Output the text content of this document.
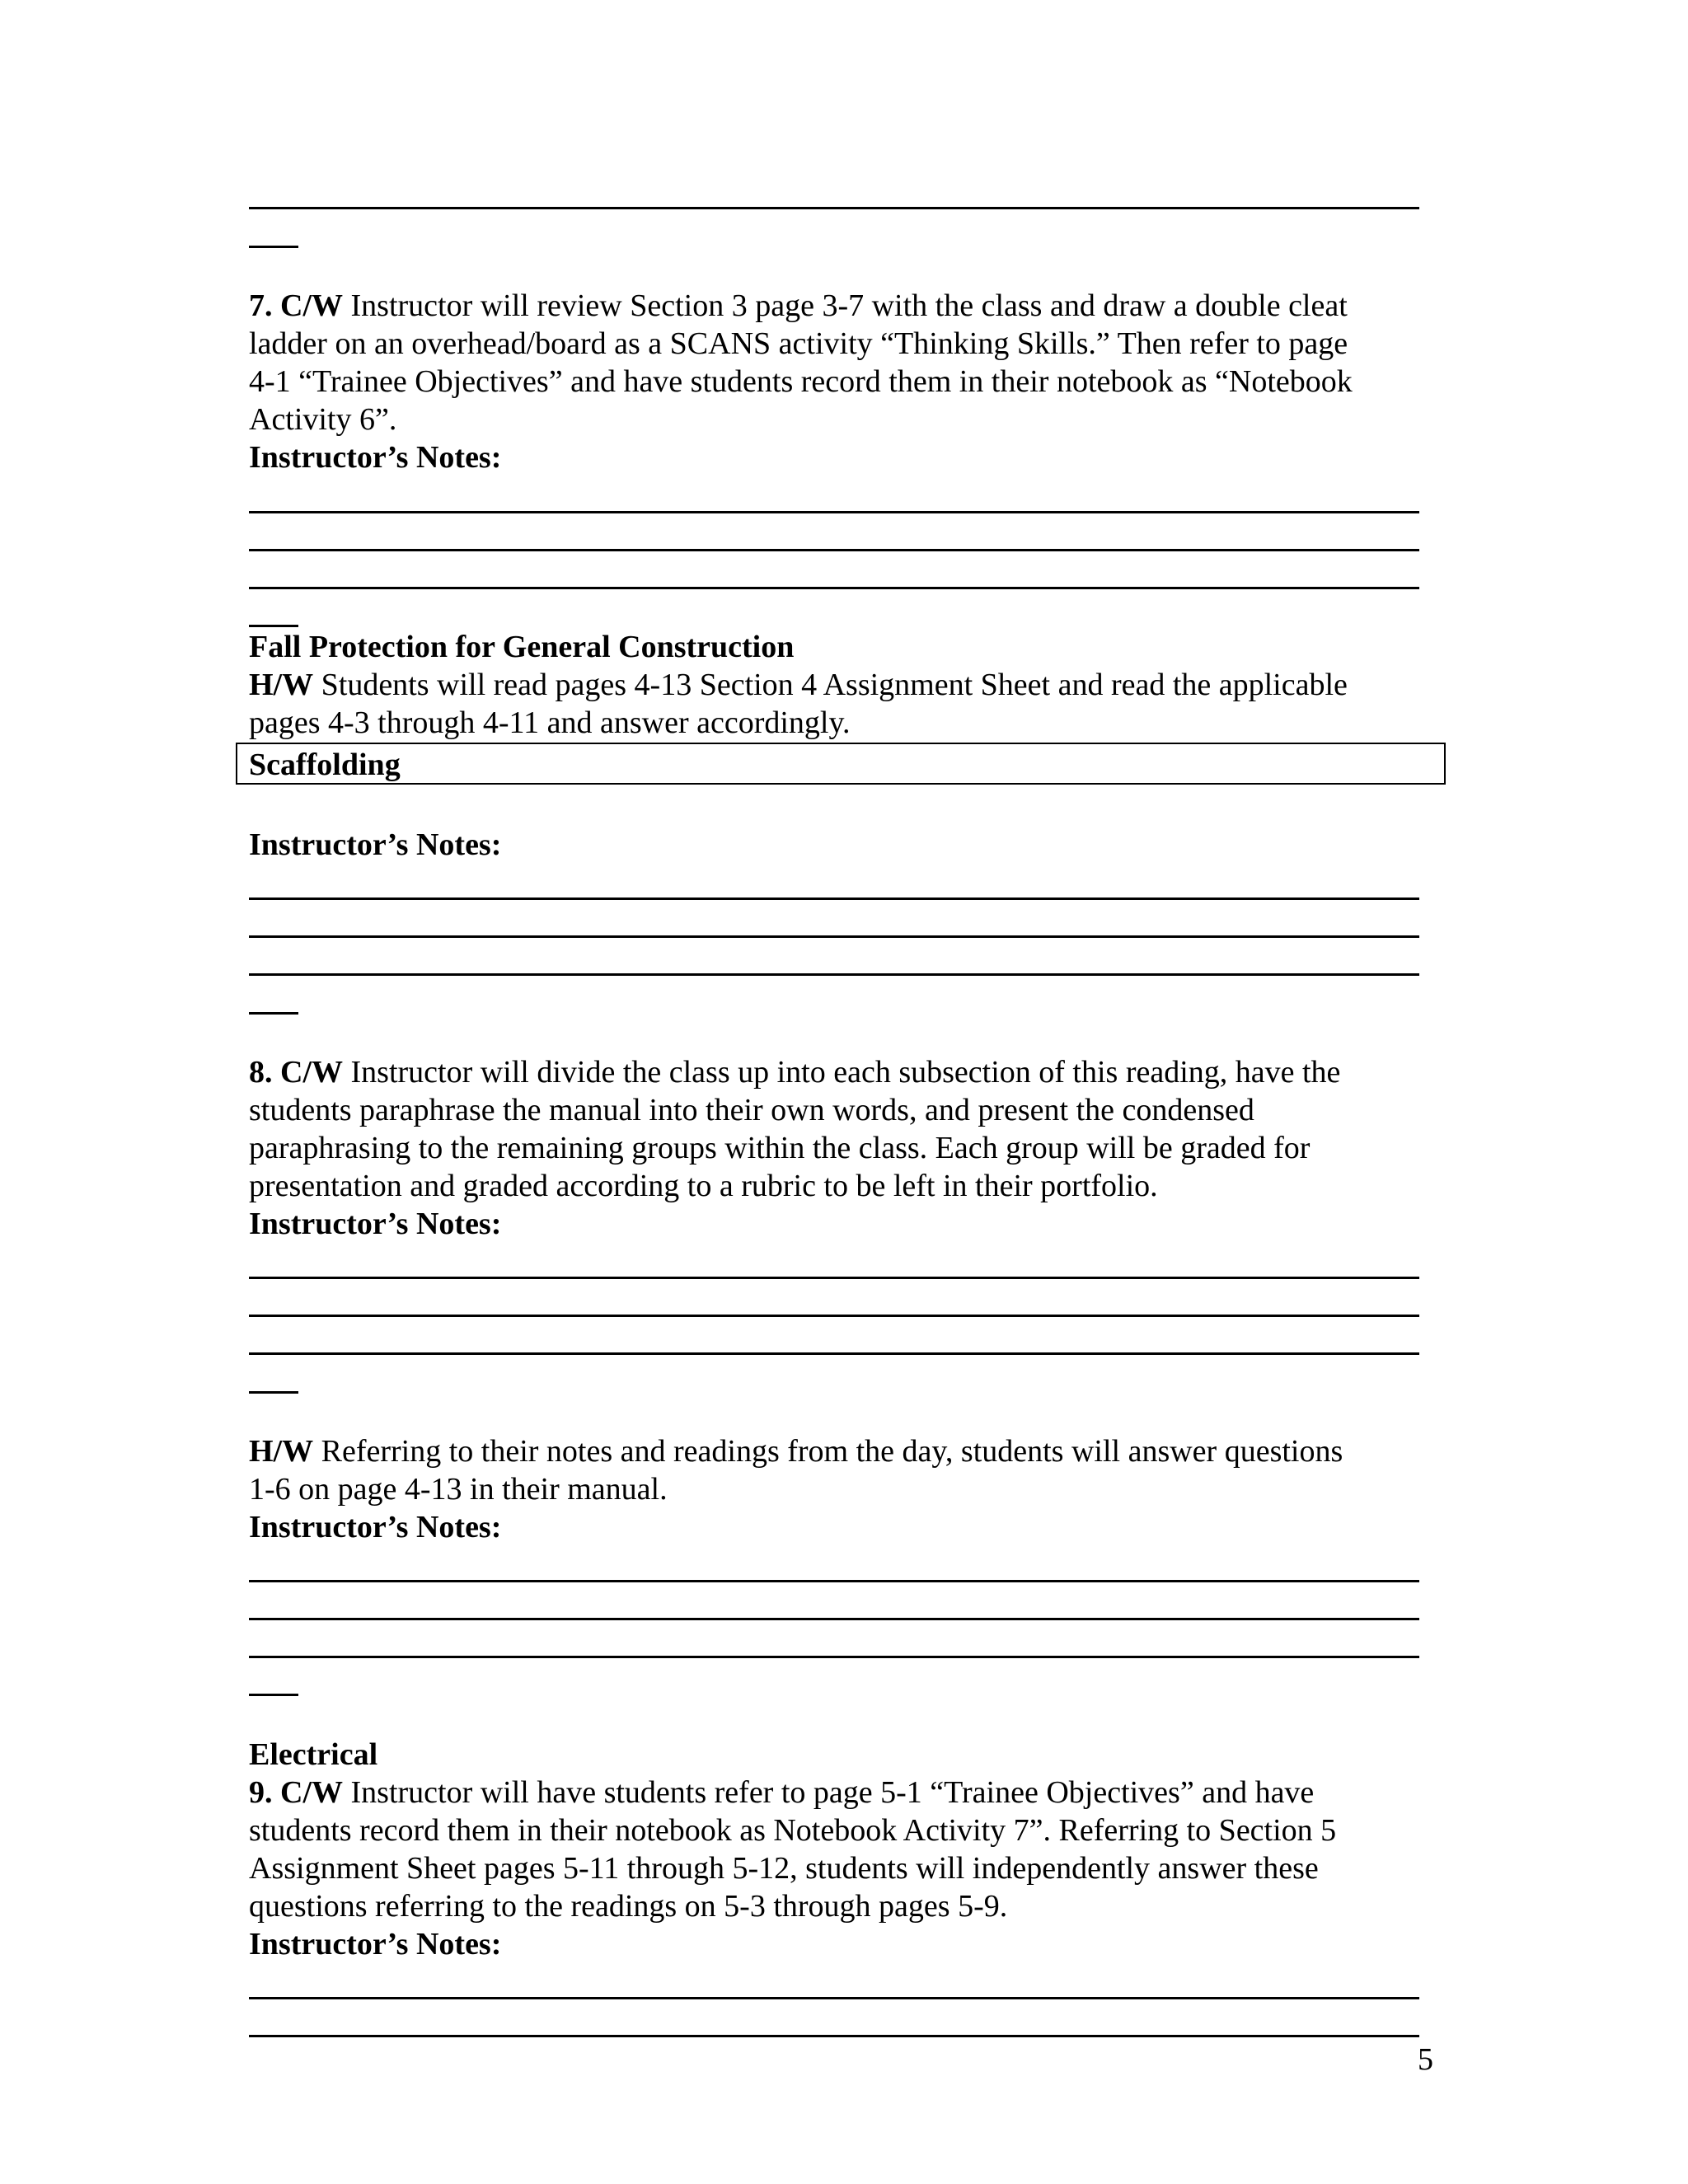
7. C/W Instructor will review Section 3 page 3-7 with the class and draw a double cleat
ladder on an overhead/board as a SCANS activity “Thinking Skills.” Then refer to page
4-1 “Trainee Objectives” and have students record them in their notebook as “Notebook
Activity 6”.
Instructor’s Notes:
Fall Protection for General Construction
H/W Students will read pages 4-13 Section 4 Assignment Sheet and read the applicable
pages 4-3 through 4-11 and answer accordingly.
Scaffolding
Instructor’s Notes:
8. C/W Instructor will divide the class up into each subsection of this reading, have the
students paraphrase the manual into their own words, and present the condensed
paraphrasing to the remaining groups within the class. Each group will be graded for
presentation and graded according to a rubric to be left in their portfolio.
Instructor’s Notes:
H/W Referring to their notes and readings from the day, students will answer questions
1-6 on page 4-13 in their manual.
Instructor’s Notes:
Electrical
9. C/W Instructor will have students refer to page 5-1 “Trainee Objectives” and have
students record them in their notebook as Notebook Activity 7”. Referring to Section 5
Assignment Sheet pages 5-11 through 5-12, students will independently answer these
questions referring to the readings on 5-3 through pages 5-9.
Instructor’s Notes:
5
